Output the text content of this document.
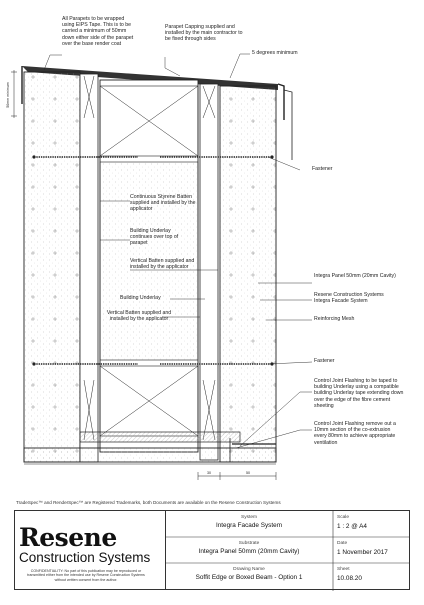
50mm minimum
30	50
All Parapets to be wrapped using EIPS Tape. This is to be carried a minimum of 50mm down either side of the parapet over the base render coat
Parapet Capping supplied and installed by the main contractor to be fixed through sides
5 degrees minimum
Fastener
Continuous Styrene Batten supplied and installed by the applicator
Building Underlay continues over top of parapet
Vertical Batten supplied and installed by the applicator
Integra Panel 50mm (20mm Cavity)
Resene Construction Systems Integra Facade System
Building Underlay
Vertical Batten supplied and installed by the applicator	Reinforcing Mesh
Fastener
Control Joint Flashing to be taped to building Underlay using a compatible building Underlay tape extending down over the edge of the fibre cement sheeting
Control Joint Flashing remove out a 10mm section of the co-extrusion every 80mm to achieve appropriate ventilation
TradeSpec™ and RenderSpec™ are Registered Trademarks, both Documents are available on the Resene Construction Systems
Resene
Construction Systems
CONFIDENTIALITY: No part of this publication may be reproduced or transmitted either from the intended use by Resene Construction Systems without written consent from the author.
System
Integra Facade System
Substrate
Integra Panel 50mm (20mm Cavity)
Drawing Name
Soffit Edge or Boxed Beam - Option 1
Scale
1 : 2 @ A4
Date
1 November 2017
Sheet
10.08.20
